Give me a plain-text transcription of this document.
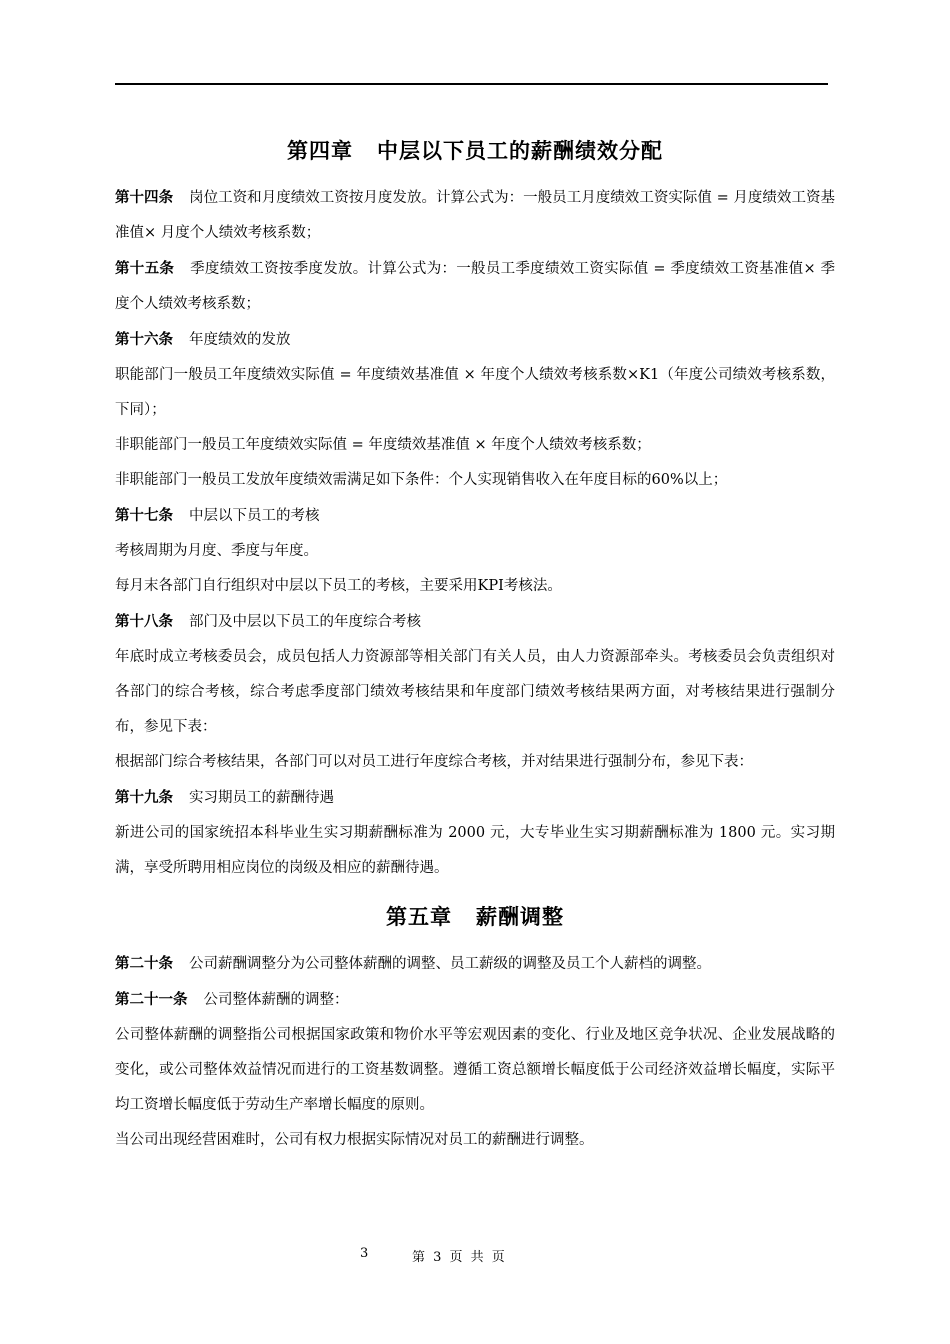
第四章 中层以下员工的薪酬绩效分配

第十四条 岗位工资和月度绩效工资按月度发放。计算公式为：一般员工月度绩效工资实际值 = 月度绩效工资基准值× 月度个人绩效考核系数；

第十五条 季度绩效工资按季度发放。计算公式为：一般员工季度绩效工资实际值 = 季度绩效工资基准值× 季度个人绩效考核系数；

第十六条 年度绩效的发放

职能部门一般员工年度绩效实际值 = 年度绩效基准值 × 年度个人绩效考核系数×K1（年度公司绩效考核系数，下同）；

非职能部门一般员工年度绩效实际值 = 年度绩效基准值 × 年度个人绩效考核系数；

非职能部门一般员工发放年度绩效需满足如下条件：个人实现销售收入在年度目标的60%以上；

第十七条 中层以下员工的考核

考核周期为月度、季度与年度。

每月末各部门自行组织对中层以下员工的考核，主要采用KPI考核法。

第十八条 部门及中层以下员工的年度综合考核

年底时成立考核委员会，成员包括人力资源部等相关部门有关人员，由人力资源部牵头。考核委员会负责组织对各部门的综合考核，综合考虑季度部门绩效考核结果和年度部门绩效考核结果两方面，对考核结果进行强制分布，参见下表：

根据部门综合考核结果，各部门可以对员工进行年度综合考核，并对结果进行强制分布，参见下表：

第十九条 实习期员工的薪酬待遇

新进公司的国家统招本科毕业生实习期薪酬标准为 2000 元，大专毕业生实习期薪酬标准为 1800 元。实习期满，享受所聘用相应岗位的岗级及相应的薪酬待遇。

第五章 薪酬调整

第二十条 公司薪酬调整分为公司整体薪酬的调整、员工薪级的调整及员工个人薪档的调整。

第二十一条 公司整体薪酬的调整：

公司整体薪酬的调整指公司根据国家政策和物价水平等宏观因素的变化、行业及地区竞争状况、企业发展战略的变化，或公司整体效益情况而进行的工资基数调整。遵循工资总额增长幅度低于公司经济效益增长幅度，实际平均工资增长幅度低于劳动生产率增长幅度的原则。

当公司出现经营困难时，公司有权力根据实际情况对员工的薪酬进行调整。

3	第 3 页 共 页
